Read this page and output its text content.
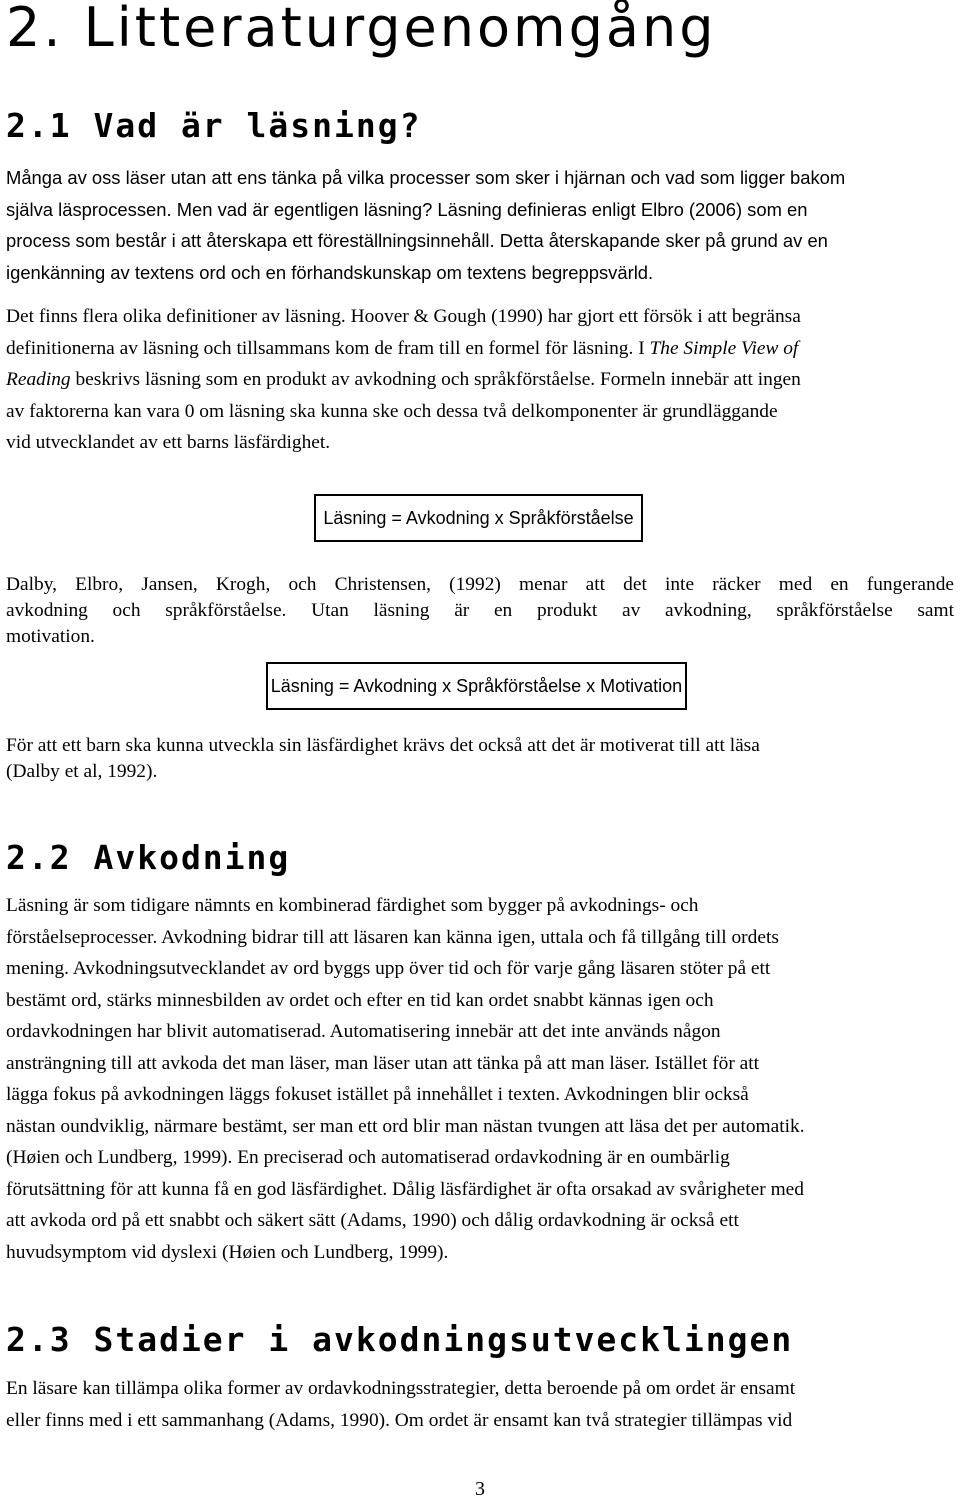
2. Litteraturgenomgång
2.1 Vad är läsning?
Många av oss läser utan att ens tänka på vilka processer som sker i hjärnan och vad som ligger bakom
själva läsprocessen. Men vad är egentligen läsning? Läsning definieras enligt Elbro (2006) som en
process som består i att återskapa ett föreställningsinnehåll. Detta återskapande sker på grund av en
igenkänning av textens ord och en förhandskunskap om textens begreppsvärld.
Det finns flera olika definitioner av läsning. Hoover & Gough (1990) har gjort ett försök i att begränsa
definitionerna av läsning och tillsammans kom de fram till en formel för läsning. I The Simple View of
Reading beskrivs läsning som en produkt av avkodning och språkförståelse. Formeln innebär att ingen
av faktorerna kan vara 0 om läsning ska kunna ske och dessa två delkomponenter är grundläggande
vid utvecklandet av ett barns läsfärdighet.
Läsning = Avkodning x Språkförståelse
Dalby, Elbro, Jansen, Krogh, och Christensen, (1992) menar att det inte räcker med en fungerande
avkodning och språkförståelse. Utan läsning är en produkt av avkodning, språkförståelse samt
motivation.
Läsning = Avkodning x Språkförståelse x Motivation
För att ett barn ska kunna utveckla sin läsfärdighet krävs det också att det är motiverat till att läsa
(Dalby et al, 1992).
2.2 Avkodning
Läsning är som tidigare nämnts en kombinerad färdighet som bygger på avkodnings- och
förståelseprocesser. Avkodning bidrar till att läsaren kan känna igen, uttala och få tillgång till ordets
mening. Avkodningsutvecklandet av ord byggs upp över tid och för varje gång läsaren stöter på ett
bestämt ord, stärks minnesbilden av ordet och efter en tid kan ordet snabbt kännas igen och
ordavkodningen har blivit automatiserad. Automatisering innebär att det inte används någon
ansträngning till att avkoda det man läser, man läser utan att tänka på att man läser. Istället för att
lägga fokus på avkodningen läggs fokuset istället på innehållet i texten. Avkodningen blir också
nästan oundviklig, närmare bestämt, ser man ett ord blir man nästan tvungen att läsa det per automatik.
(Høien och Lundberg, 1999). En preciserad och automatiserad ordavkodning är en oumbärlig
förutsättning för att kunna få en god läsfärdighet. Dålig läsfärdighet är ofta orsakad av svårigheter med
att avkoda ord på ett snabbt och säkert sätt (Adams, 1990) och dålig ordavkodning är också ett
huvudsymptom vid dyslexi (Høien och Lundberg, 1999).
2.3 Stadier i avkodningsutvecklingen
En läsare kan tillämpa olika former av ordavkodningsstrategier, detta beroende på om ordet är ensamt
eller finns med i ett sammanhang (Adams, 1990). Om ordet är ensamt kan två strategier tillämpas vid
3
